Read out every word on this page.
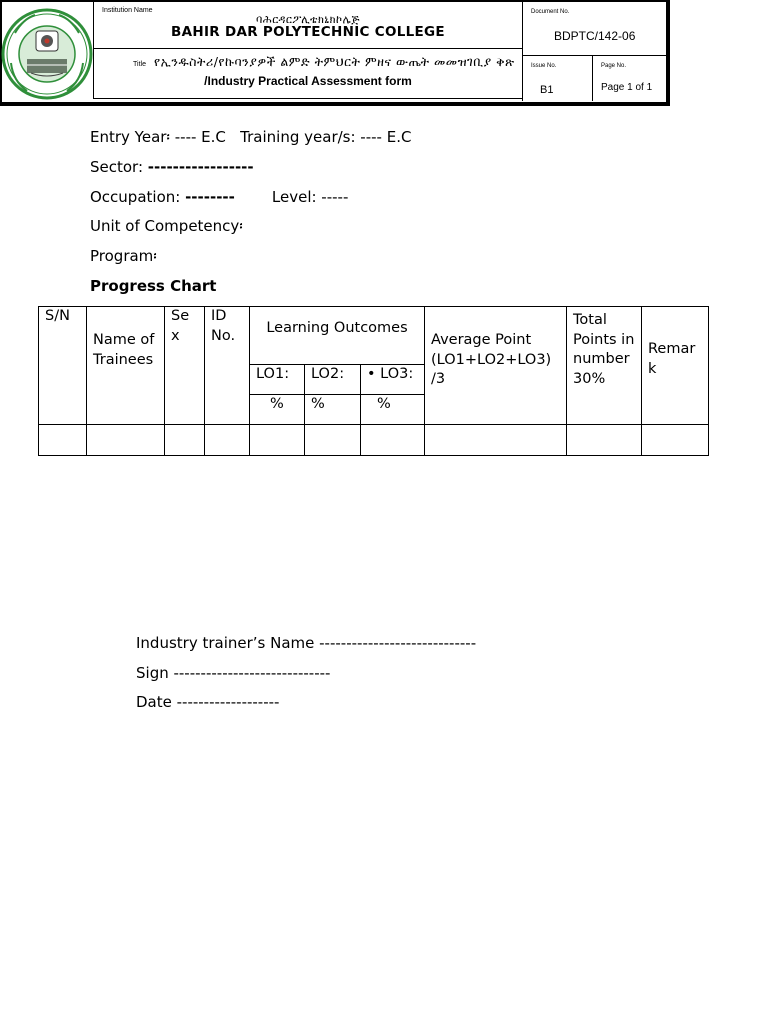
Institution Name
ባሕርዳርፖሊቴክኒክኮሌጅ
BAHIR DAR POLYTECHNIC COLLEGE
Title የኢንዱስትሪ/የኩባንያዎች ልምድ ትምህርት ምዘና ውጤት መመዝገቢያ ቅጽ
/Industry Practical Assessment form
Document No.
BDPTC/142-06
Issue No.
B1
Page No.
Page 1 of 1
Entry Year፡ ---- E.C   Training year/s: ---- E.C
Sector: -----------------
Occupation: -------- Level: -----
Unit of Competency፡
Program፡
Progress Chart
S/N	Name of Trainees	Se x	ID No.	Learning Outcomes			Average Point (LO1+LO2+LO3) /3	Total Points in number 30%	Remar k
				LO1:	LO2:	• LO3:			
				%	%	%			

Industry trainer’s Name -----------------------------
Sign -----------------------------
Date -------------------
